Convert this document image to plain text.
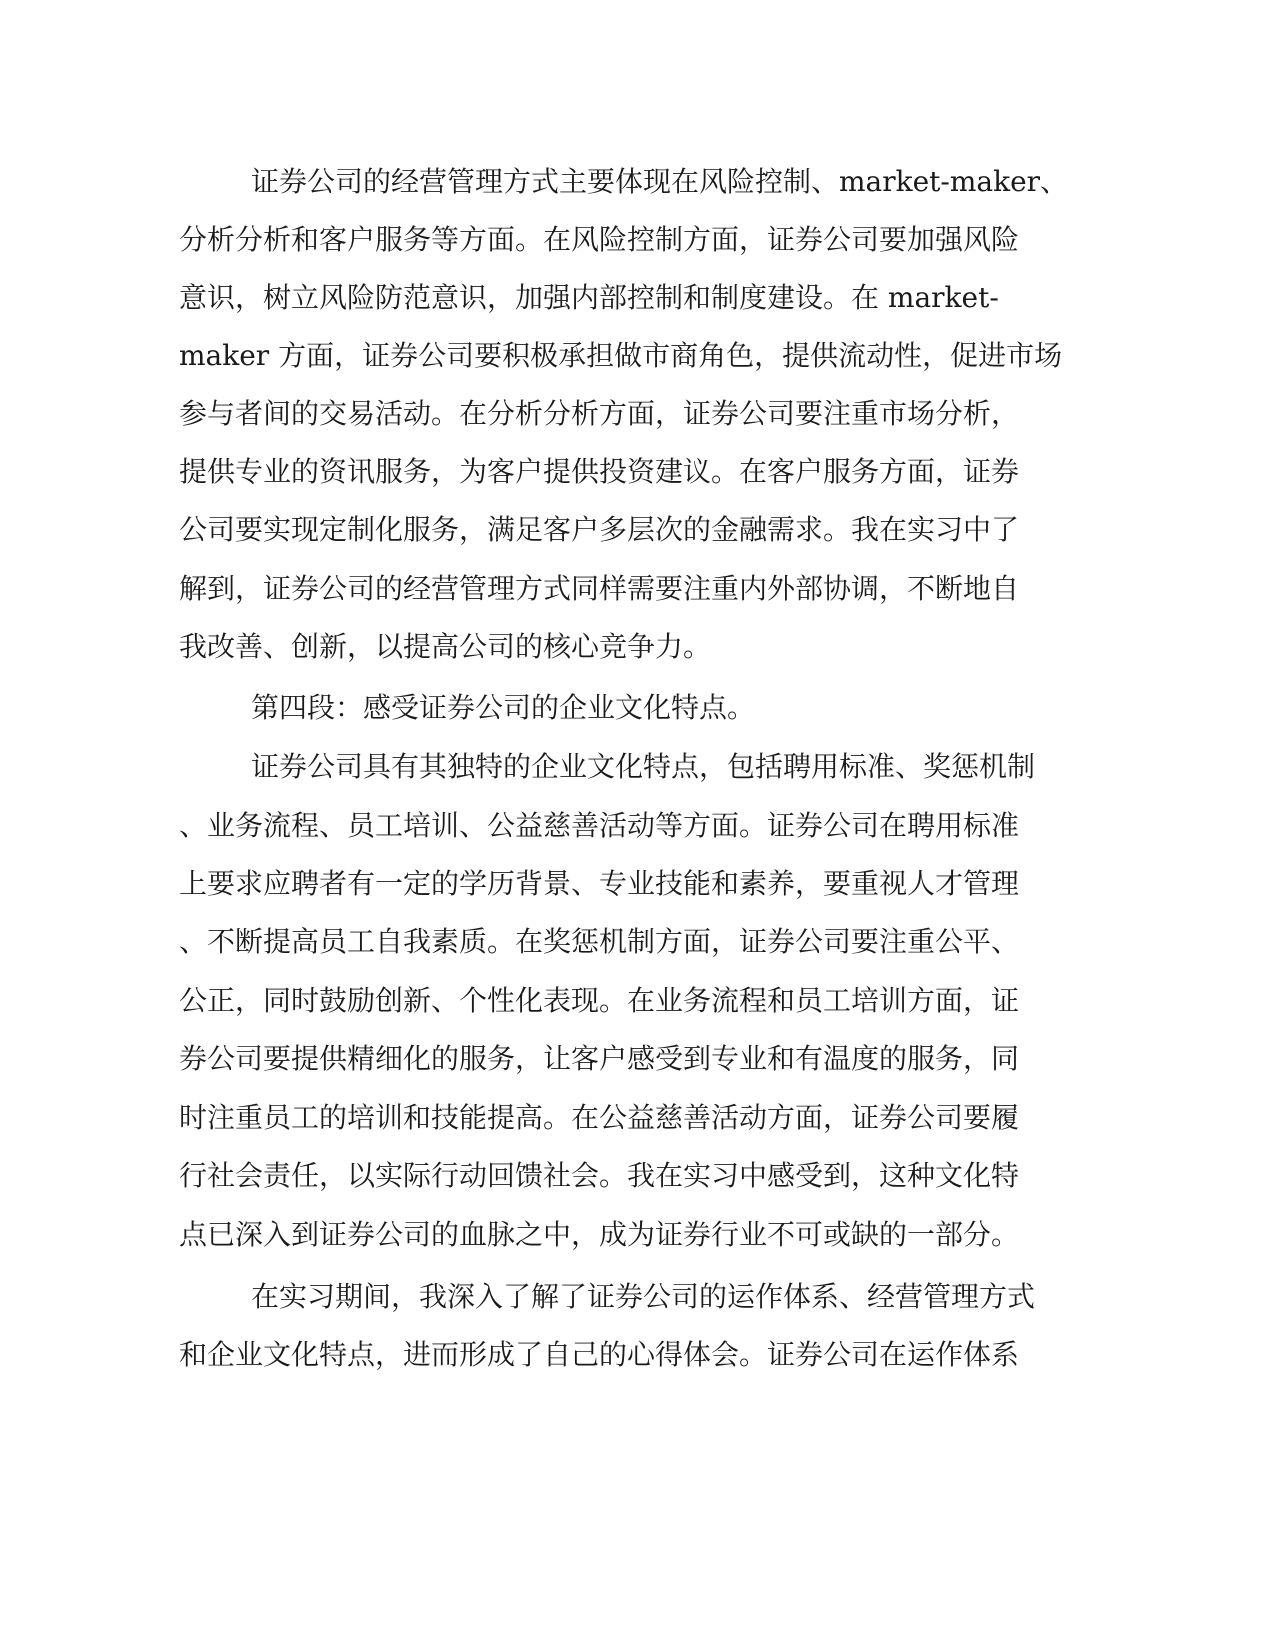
证券公司的经营管理方式主要体现在风险控制、market-maker、
分析分析和客户服务等方面。在风险控制方面，证券公司要加强风险
意识，树立风险防范意识，加强内部控制和制度建设。在 market-
maker 方面，证券公司要积极承担做市商角色，提供流动性，促进市场
参与者间的交易活动。在分析分析方面，证券公司要注重市场分析，
提供专业的资讯服务，为客户提供投资建议。在客户服务方面，证券
公司要实现定制化服务，满足客户多层次的金融需求。我在实习中了
解到，证券公司的经营管理方式同样需要注重内外部协调，不断地自
我改善、创新，以提高公司的核心竞争力。
第四段：感受证券公司的企业文化特点。
证券公司具有其独特的企业文化特点，包括聘用标准、奖惩机制
、业务流程、员工培训、公益慈善活动等方面。证券公司在聘用标准
上要求应聘者有一定的学历背景、专业技能和素养，要重视人才管理
、不断提高员工自我素质。在奖惩机制方面，证券公司要注重公平、
公正，同时鼓励创新、个性化表现。在业务流程和员工培训方面，证
券公司要提供精细化的服务，让客户感受到专业和有温度的服务，同
时注重员工的培训和技能提高。在公益慈善活动方面，证券公司要履
行社会责任，以实际行动回馈社会。我在实习中感受到，这种文化特
点已深入到证券公司的血脉之中，成为证券行业不可或缺的一部分。
在实习期间，我深入了解了证券公司的运作体系、经营管理方式
和企业文化特点，进而形成了自己的心得体会。证券公司在运作体系
